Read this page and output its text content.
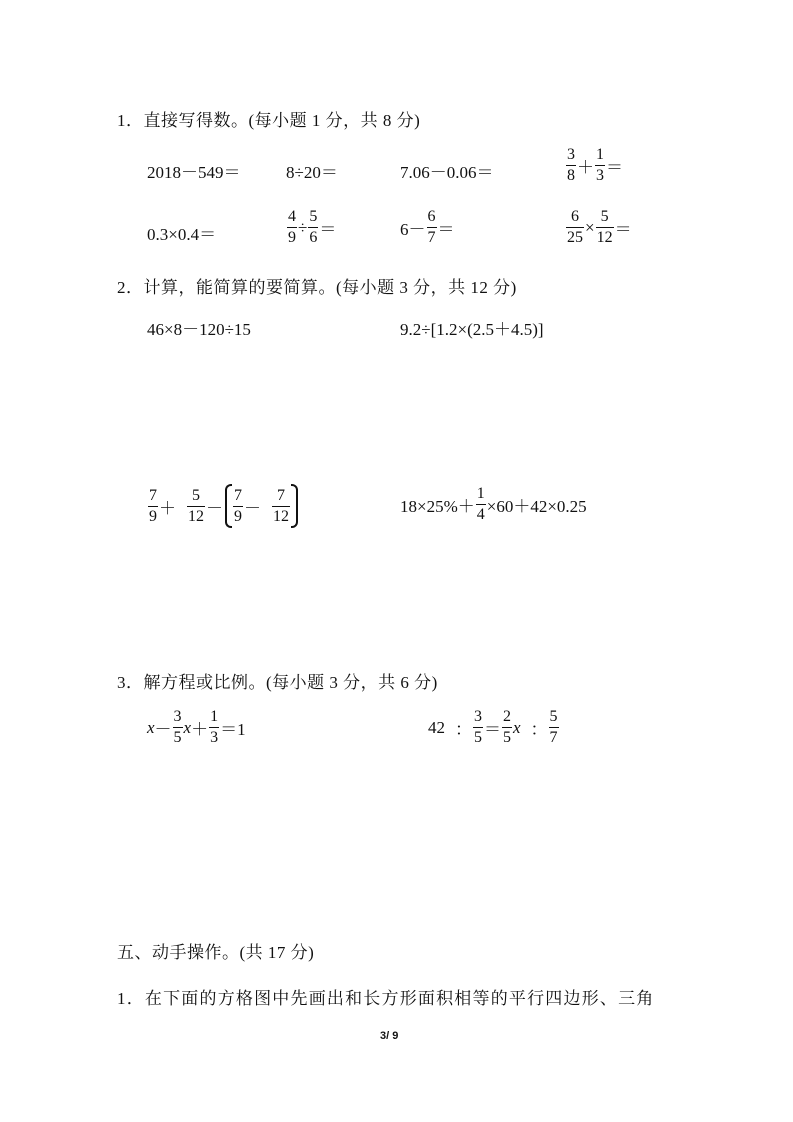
1．直接写得数。(每小题 1 分，共 8 分)
2018－549＝	8÷20＝	7.06－0.06＝	$\frac{3}{8} + \frac{1}{3}$ ＝
0.3×0.4＝	$\frac{4}{9} \div \frac{5}{6}$ ＝	$6- \frac{6}{7}$ ＝	$\frac{6}{25} \times \frac{5}{12}$ ＝
2．计算，能简算的要简算。(每小题 3 分，共 12 分)
46×8－120÷15	9.2÷[1.2×(2.5＋4.5)]
$\frac{7}{9} + \frac{5}{12} - \frac{7}{9} - \frac{7}{12}$	$18\times 25\%+ \frac{1}{4} \times 60+42\times 0.25$
3．解方程或比例。(每小题 3 分，共 6 分)
$x - \frac{3}{5}$ $x + \frac{1}{3} =1$	42 ： $\frac{3}{5} = \frac{2}{5}$ x ： $\frac{5}{7}$
五、动手操作。(共 17 分)
1．在下面的方格图中先画出和长方形面积相等的平行四边形、三角
3/ 9
